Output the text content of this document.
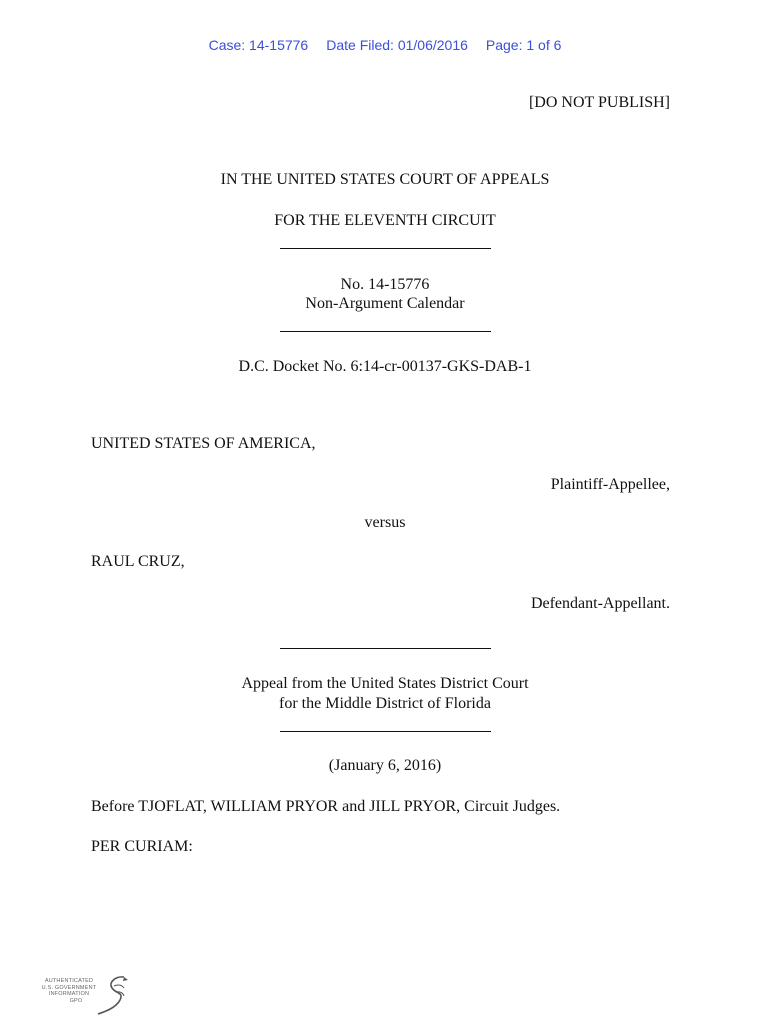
Case: 14-15776 Date Filed: 01/06/2016 Page: 1 of 6
[DO NOT PUBLISH]
IN THE UNITED STATES COURT OF APPEALS
FOR THE ELEVENTH CIRCUIT
No. 14-15776
Non-Argument Calendar
D.C. Docket No. 6:14-cr-00137-GKS-DAB-1
UNITED STATES OF AMERICA,
Plaintiff-Appellee,
versus
RAUL CRUZ,
Defendant-Appellant.
Appeal from the United States District Court
for the Middle District of Florida
(January 6, 2016)
Before TJOFLAT, WILLIAM PRYOR and JILL PRYOR, Circuit Judges.
PER CURIAM:
AUTHENTICATED
U.S. GOVERNMENT
INFORMATION
GPO
